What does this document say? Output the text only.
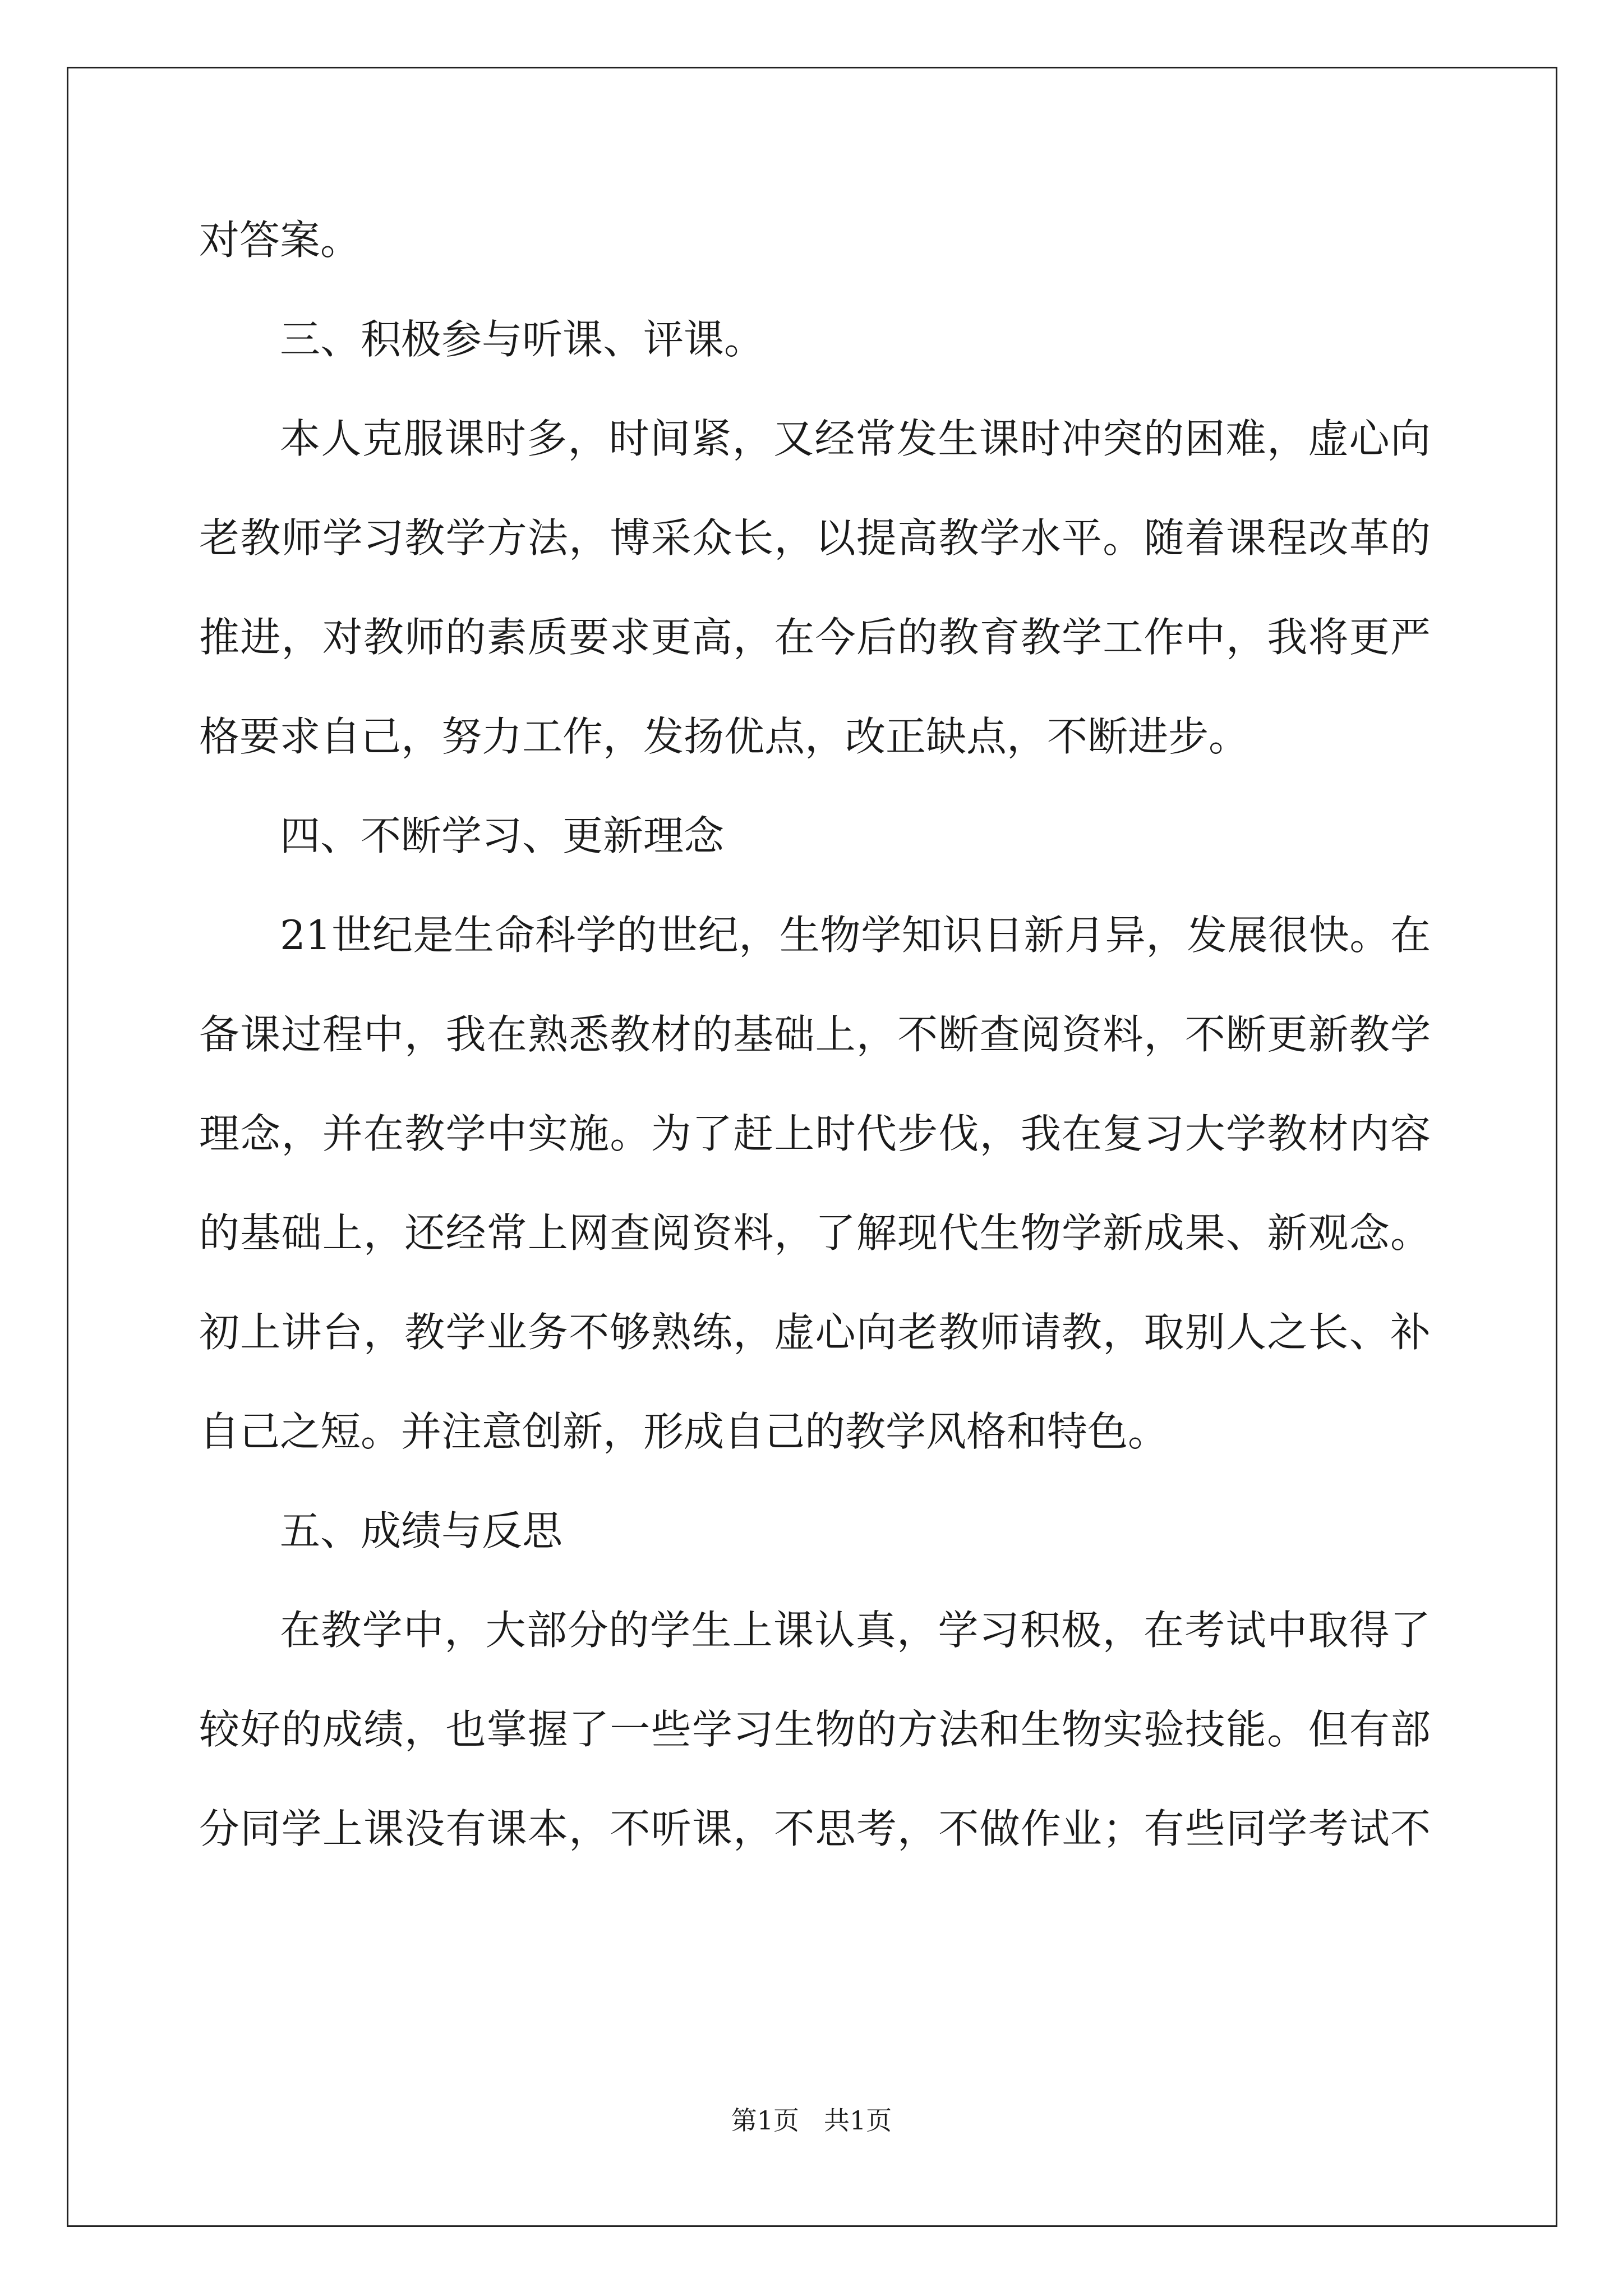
对答案。
三、积极参与听课、评课。
本人克服课时多，时间紧，又经常发生课时冲突的困难，虚心向
老教师学习教学方法，博采众长，以提高教学水平。随着课程改革的
推进，对教师的素质要求更高，在今后的教育教学工作中，我将更严
格要求自己，努力工作，发扬优点，改正缺点，不断进步。
四、不断学习、更新理念
21世纪是生命科学的世纪，生物学知识日新月异，发展很快。在
备课过程中，我在熟悉教材的基础上，不断查阅资料，不断更新教学
理念，并在教学中实施。为了赶上时代步伐，我在复习大学教材内容
的基础上，还经常上网查阅资料，了解现代生物学新成果、新观念。
初上讲台，教学业务不够熟练，虚心向老教师请教，取别人之长、补
自己之短。并注意创新，形成自己的教学风格和特色。
五、成绩与反思
在教学中，大部分的学生上课认真，学习积极，在考试中取得了
较好的成绩，也掌握了一些学习生物的方法和生物实验技能。但有部
分同学上课没有课本，不听课，不思考，不做作业；有些同学考试不
第1页 共1页
